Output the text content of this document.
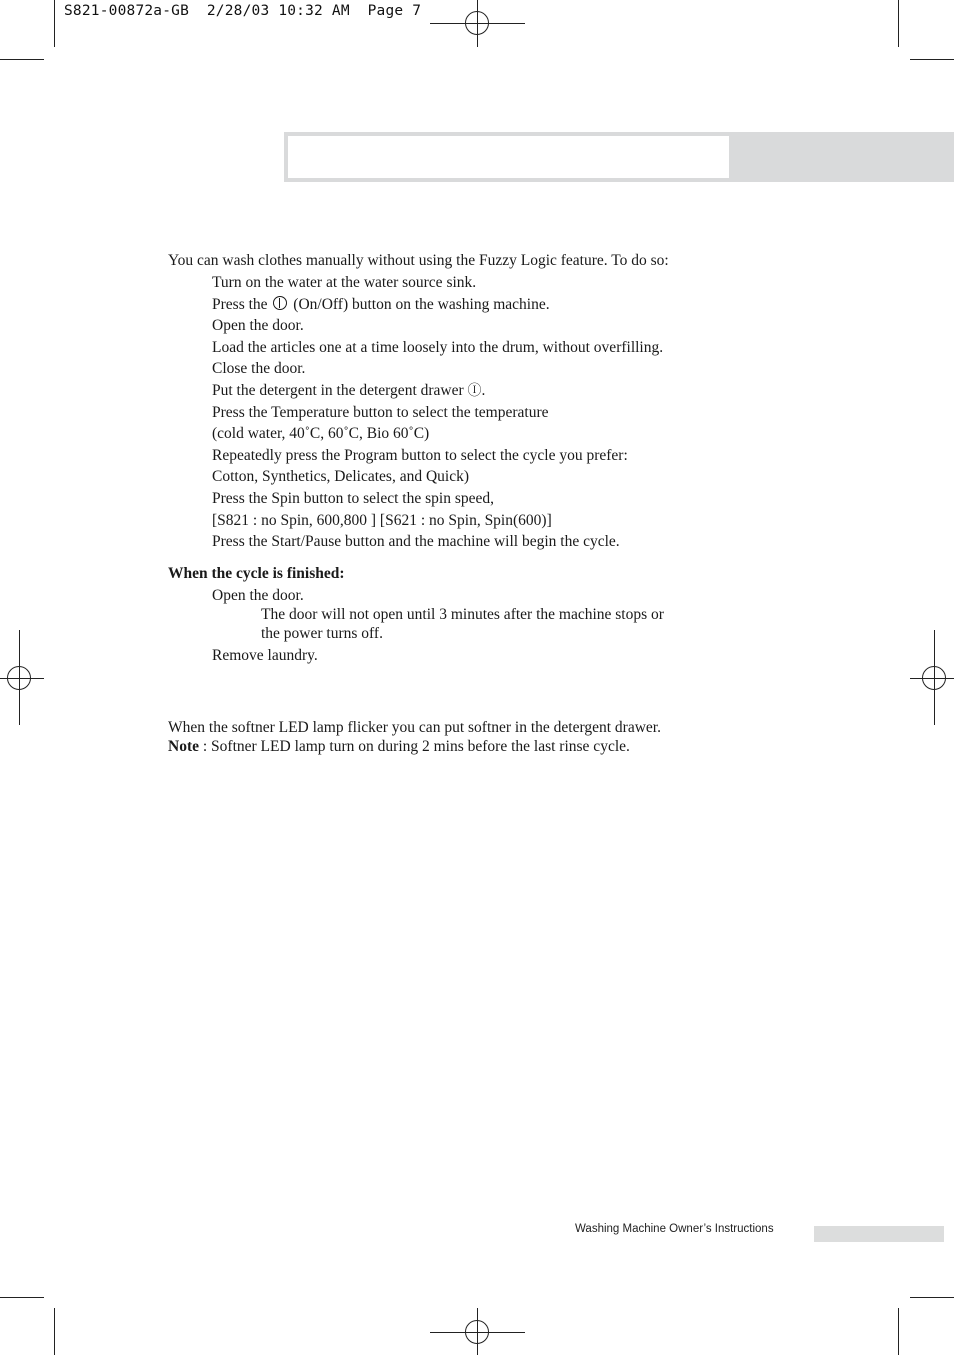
S821-00872a-GB  2/28/03 10:32 AM  Page 7
You can wash clothes manually without using the Fuzzy Logic feature. To do so:
Turn on the water at the water source sink.
Press the (On/Off) button on the washing machine.
Open the door.
Load the articles one at a time loosely into the drum, without overfilling.
Close the door.
Put the detergent in the detergent drawer Ⓘ.
Press the Temperature button to select the temperature
(cold water, 40˚C, 60˚C, Bio 60˚C)
Repeatedly press the Program button to select the cycle you prefer:
Cotton, Synthetics, Delicates, and Quick)
Press the Spin button to select the spin speed,
[S821 : no Spin, 600,800 ] [S621 : no Spin, Spin(600)]
Press the Start/Pause button and the machine will begin the cycle.
When the cycle is finished:
Open the door.
The door will not open until 3 minutes after the machine stops or
the power turns off.
Remove laundry.
When the softner LED lamp flicker you can put softner in the detergent drawer.
Note : Softner LED lamp turn on during 2 mins before the last rinse cycle.
Washing Machine Owner’s Instructions
